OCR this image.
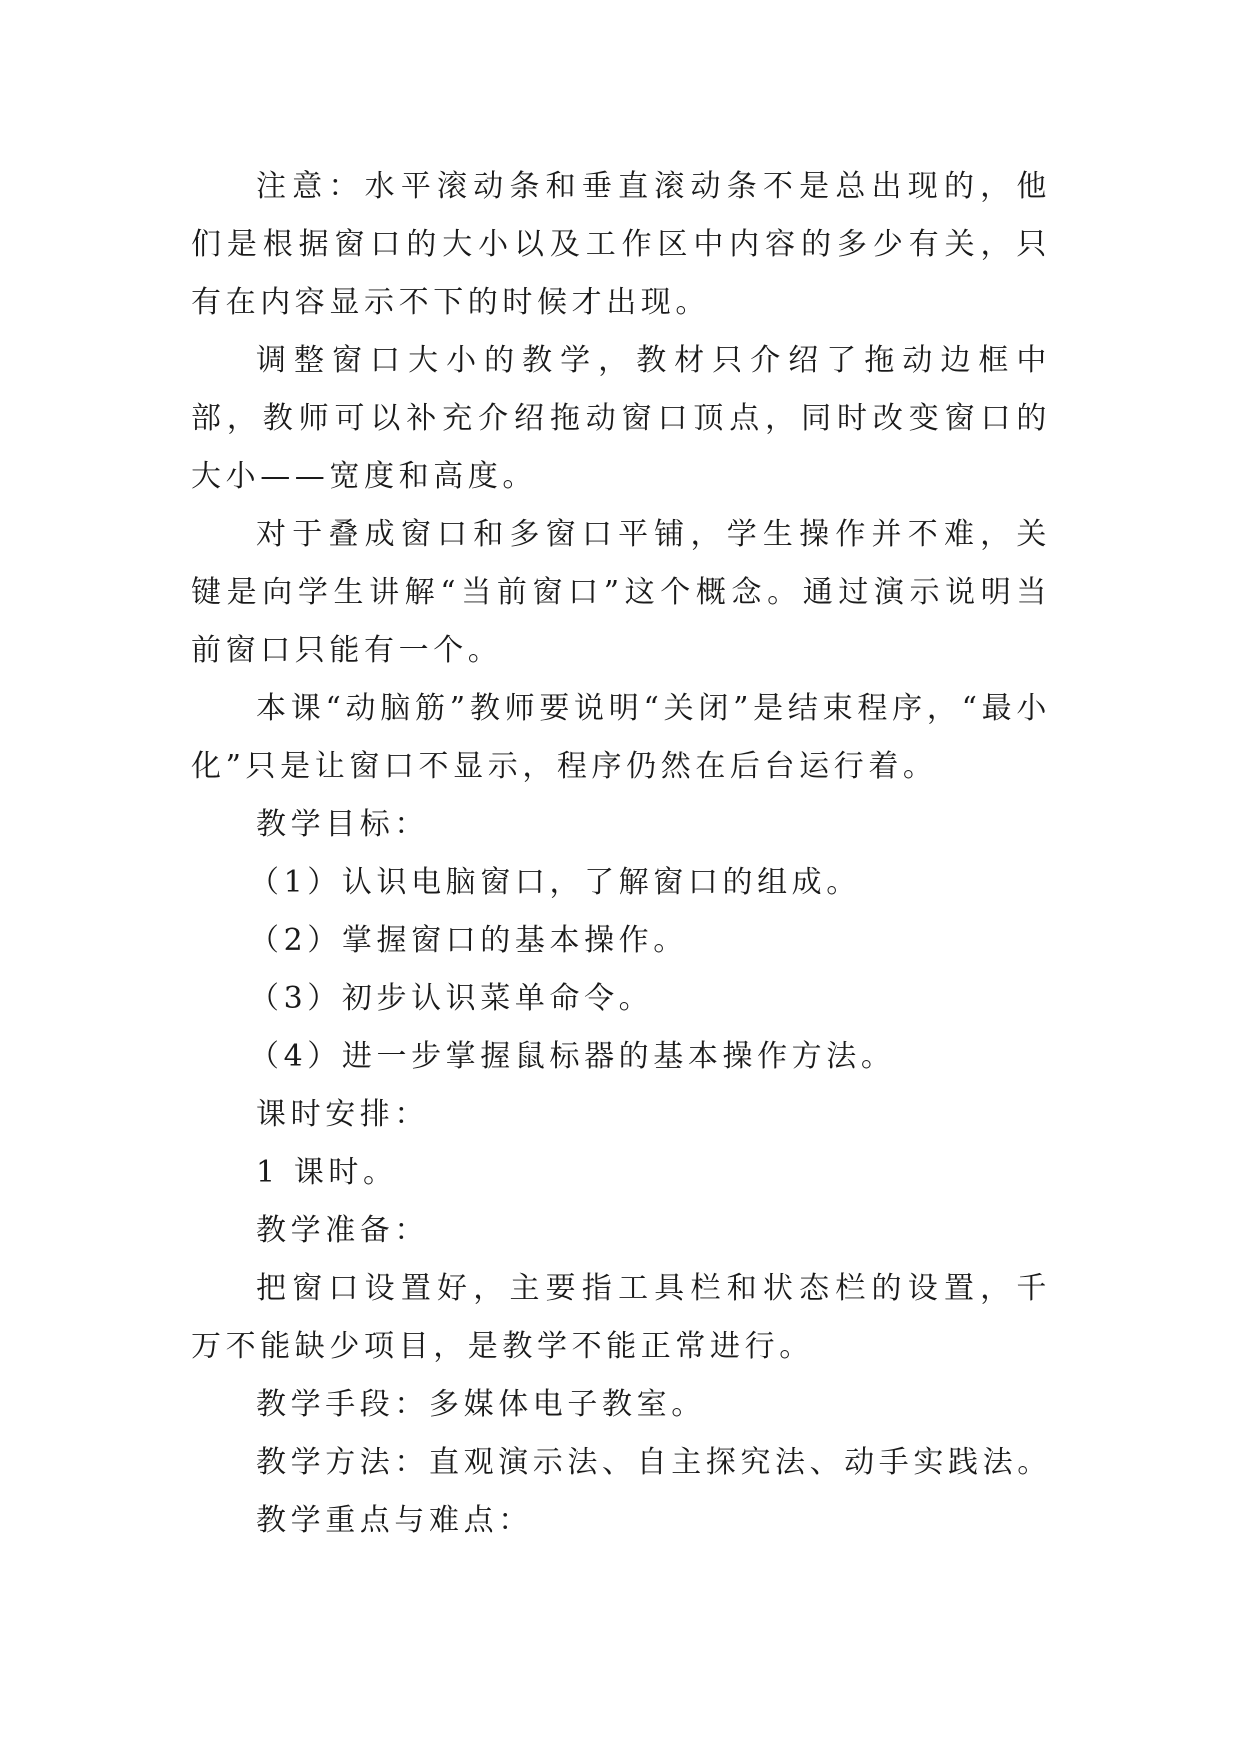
注意：水平滚动条和垂直滚动条不是总出现的，他们是根据窗口的大小以及工作区中内容的多少有关，只有在内容显示不下的时候才出现。

调整窗口大小的教学，教材只介绍了拖动边框中部，教师可以补充介绍拖动窗口顶点，同时改变窗口的大小——宽度和高度。

对于叠成窗口和多窗口平铺，学生操作并不难，关键是向学生讲解“当前窗口”这个概念。通过演示说明当前窗口只能有一个。

本课“动脑筋”教师要说明“关闭”是结束程序，“最小化”只是让窗口不显示，程序仍然在后台运行着。

教学目标：

（1）认识电脑窗口，了解窗口的组成。

（2）掌握窗口的基本操作。

（3）初步认识菜单命令。

（4）进一步掌握鼠标器的基本操作方法。

课时安排：

1 课时。

教学准备：

把窗口设置好，主要指工具栏和状态栏的设置，千万不能缺少项目，是教学不能正常进行。

教学手段：多媒体电子教室。

教学方法：直观演示法、自主探究法、动手实践法。

教学重点与难点：
